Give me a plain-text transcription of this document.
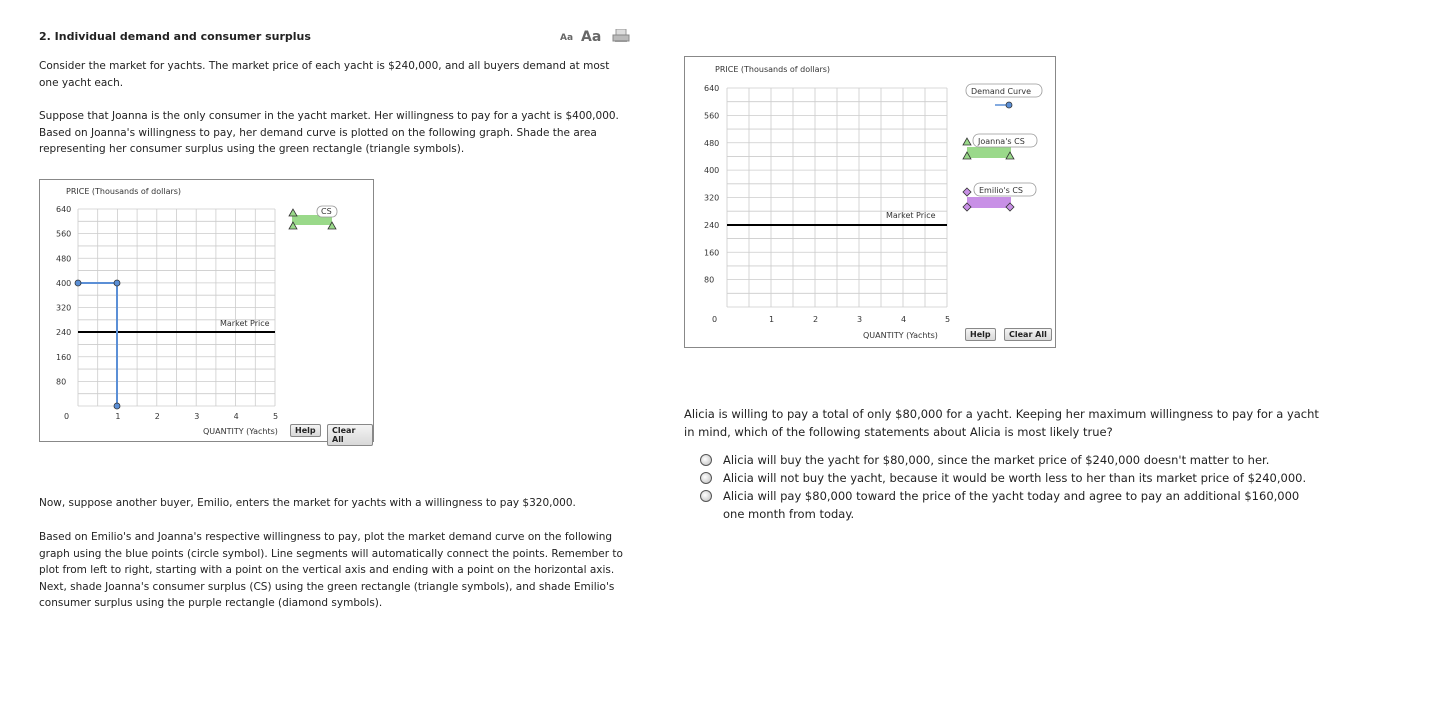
2. Individual demand and consumer surplus	Aa Aa
Consider the market for yachts. The market price of each yacht is $240,000, and all buyers demand at most one yacht each.
Suppose that Joanna is the only consumer in the yacht market. Her willingness to pay for a yacht is $400,000. Based on Joanna's willingness to pay, her demand curve is plotted on the following graph. Shade the area representing her consumer surplus using the green rectangle (triangle symbols).
PRICE (Thousands of dollars)
640
560
480
400
320
240
160
80
0	1	2	3	4	5
Market Price
QUANTITY (Yachts)
CS
Help	Clear All
Now, suppose another buyer, Emilio, enters the market for yachts with a willingness to pay $320,000.
Based on Emilio's and Joanna's respective willingness to pay, plot the market demand curve on the following graph using the blue points (circle symbol). Line segments will automatically connect the points. Remember to plot from left to right, starting with a point on the vertical axis and ending with a point on the horizontal axis. Next, shade Joanna's consumer surplus (CS) using the green rectangle (triangle symbols), and shade Emilio's consumer surplus using the purple rectangle (diamond symbols).
PRICE (Thousands of dollars)
640
560
480
400
320
240
160
80
0	1	2	3	4	5
Market Price
QUANTITY (Yachts)
Demand Curve
Joanna's CS
Emilio's CS
Help	Clear All
Alicia is willing to pay a total of only $80,000 for a yacht. Keeping her maximum willingness to pay for a yacht in mind, which of the following statements about Alicia is most likely true?
Alicia will buy the yacht for $80,000, since the market price of $240,000 doesn't matter to her.
Alicia will not buy the yacht, because it would be worth less to her than its market price of $240,000.
Alicia will pay $80,000 toward the price of the yacht today and agree to pay an additional $160,000 one month from today.
